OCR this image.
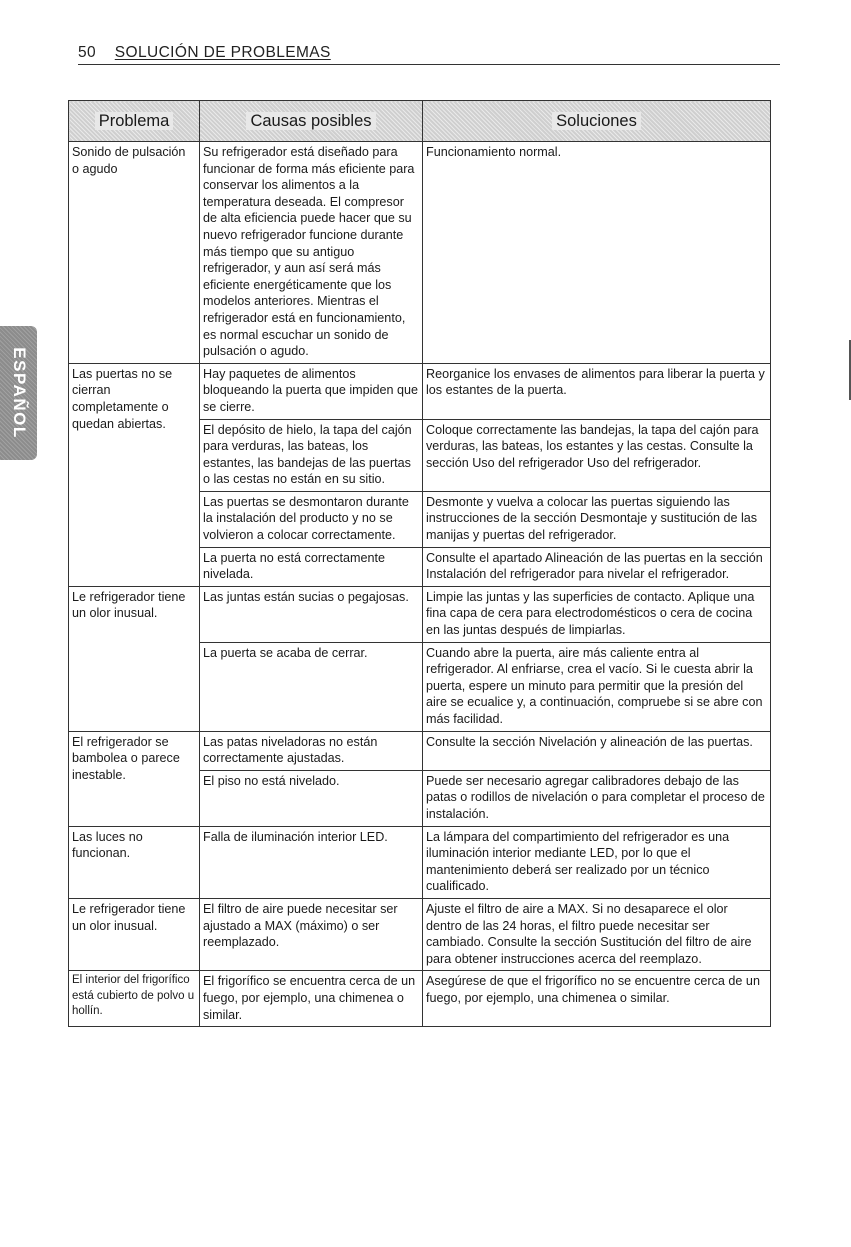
50 SOLUCIÓN DE PROBLEMAS
ESPAÑOL
Problema	Causas posibles	Soluciones
Sonido de pulsación o agudo	Su refrigerador está diseñado para funcionar de forma más eficiente para conservar los alimentos a la temperatura deseada. El compresor de alta eficiencia puede hacer que su nuevo refrigerador funcione durante más tiempo que su antiguo refrigerador, y aun así será más eficiente energéticamente que los modelos anteriores. Mientras el refrigerador está en funcionamiento, es normal escuchar un sonido de pulsación o agudo.	Funcionamiento normal.
Las puertas no se cierran completamente o quedan abiertas.	Hay paquetes de alimentos bloqueando la puerta que impiden que se cierre.	Reorganice los envases de alimentos para liberar la puerta y los estantes de la puerta.
	El depósito de hielo, la tapa del cajón para verduras, las bateas, los estantes, las bandejas de las puertas o las cestas no están en su sitio.	Coloque correctamente las bandejas, la tapa del cajón para verduras, las bateas, los estantes y las cestas. Consulte la sección Uso del refrigerador Uso del refrigerador.
	Las puertas se desmontaron durante la instalación del producto y no se volvieron a colocar correctamente.	Desmonte y vuelva a colocar las puertas siguiendo las instrucciones de la sección Desmontaje y sustitución de las manijas y puertas del refrigerador.
	La puerta no está correctamente nivelada.	Consulte el apartado Alineación de las puertas en la sección Instalación del refrigerador para nivelar el refrigerador.
Le refrigerador tiene un olor inusual.	Las juntas están sucias o pegajosas.	Limpie las juntas y las superficies de contacto. Aplique una fina capa de cera para electrodomésticos o cera de cocina en las juntas después de limpiarlas.
	La puerta se acaba de cerrar.	Cuando abre la puerta, aire más caliente entra al refrigerador. Al enfriarse, crea el vacío. Si le cuesta abrir la puerta, espere un minuto para permitir que la presión del aire se ecualice y, a continuación, compruebe si se abre con más facilidad.
El refrigerador se bambolea o parece inestable.	Las patas niveladoras no están correctamente ajustadas.	Consulte la sección Nivelación y alineación de las puertas.
	El piso no está nivelado.	Puede ser necesario agregar calibradores debajo de las patas o rodillos de nivelación o para completar el proceso de instalación.
Las luces no funcionan.	Falla de iluminación interior LED.	La lámpara del compartimiento del refrigerador es una iluminación interior mediante LED, por lo que el mantenimiento deberá ser realizado por un técnico cualificado.
Le refrigerador tiene un olor inusual.	El filtro de aire puede necesitar ser ajustado a MAX (máximo) o ser reemplazado.	Ajuste el filtro de aire a MAX. Si no desaparece el olor dentro de las 24 horas, el filtro puede necesitar ser cambiado. Consulte la sección Sustitución del filtro de aire para obtener instrucciones acerca del reemplazo.
El interior del frigorífico está cubierto de polvo u hollín.	El frigorífico se encuentra cerca de un fuego, por ejemplo, una chimenea o similar.	Asegúrese de que el frigorífico no se encuentre cerca de un fuego, por ejemplo, una chimenea o similar.
